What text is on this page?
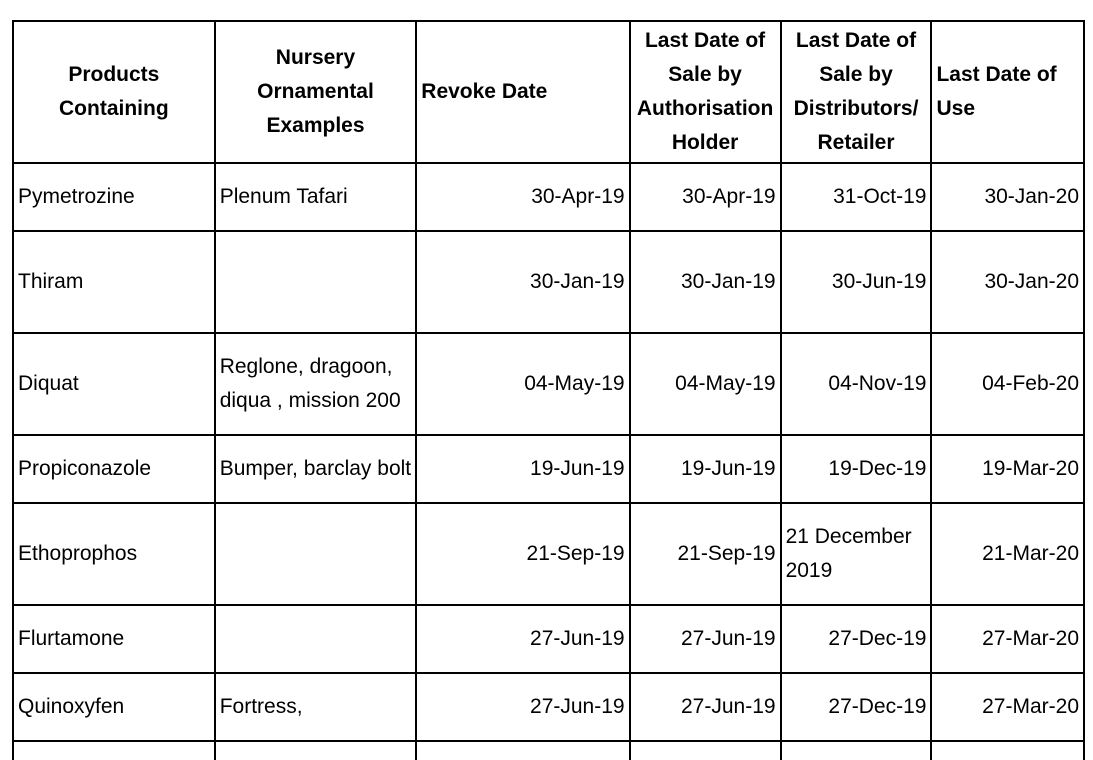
Products Containing	Nursery Ornamental Examples	Revoke Date	Last Date of Sale by Authorisation Holder	Last Date of Sale by Distributors/ Retailer	Last Date of Use
Pymetrozine	Plenum Tafari	30-Apr-19	30-Apr-19	31-Oct-19	30-Jan-20
Thiram		30-Jan-19	30-Jan-19	30-Jun-19	30-Jan-20
Diquat	Reglone, dragoon, diqua , mission 200	04-May-19	04-May-19	04-Nov-19	04-Feb-20
Propiconazole	Bumper, barclay bolt	19-Jun-19	19-Jun-19	19-Dec-19	19-Mar-20
Ethoprophos		21-Sep-19	21-Sep-19	21 December 2019	21-Mar-20
Flurtamone		27-Jun-19	27-Jun-19	27-Dec-19	27-Mar-20
Quinoxyfen	Fortress,	27-Jun-19	27-Jun-19	27-Dec-19	27-Mar-20
